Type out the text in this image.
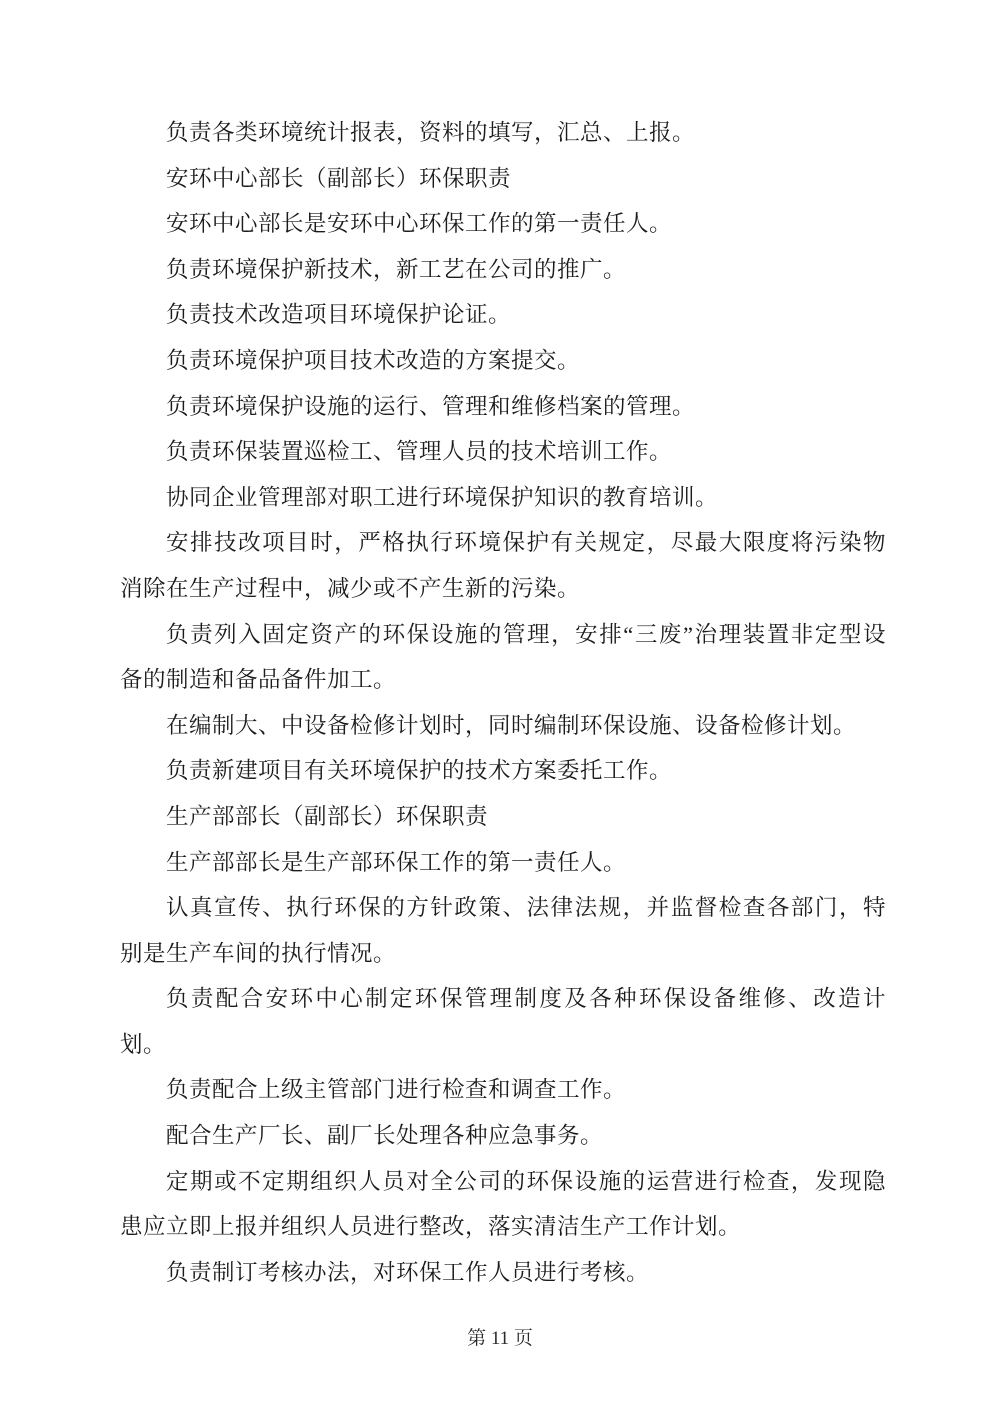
负责各类环境统计报表，资料的填写，汇总、上报。
安环中心部长（副部长）环保职责
安环中心部长是安环中心环保工作的第一责任人。
负责环境保护新技术，新工艺在公司的推广。
负责技术改造项目环境保护论证。
负责环境保护项目技术改造的方案提交。
负责环境保护设施的运行、管理和维修档案的管理。
负责环保装置巡检工、管理人员的技术培训工作。
协同企业管理部对职工进行环境保护知识的教育培训。
安排技改项目时，严格执行环境保护有关规定，尽最大限度将污染物
消除在生产过程中，减少或不产生新的污染。
负责列入固定资产的环保设施的管理，安排“三废”治理装置非定型设
备的制造和备品备件加工。
在编制大、中设备检修计划时，同时编制环保设施、设备检修计划。
负责新建项目有关环境保护的技术方案委托工作。
生产部部长（副部长）环保职责
生产部部长是生产部环保工作的第一责任人。
认真宣传、执行环保的方针政策、法律法规，并监督检查各部门，特
别是生产车间的执行情况。
负责配合安环中心制定环保管理制度及各种环保设备维修、改造计
划。
负责配合上级主管部门进行检查和调查工作。
配合生产厂长、副厂长处理各种应急事务。
定期或不定期组织人员对全公司的环保设施的运营进行检查，发现隐
患应立即上报并组织人员进行整改，落实清洁生产工作计划。
负责制订考核办法，对环保工作人员进行考核。
第 11 页
